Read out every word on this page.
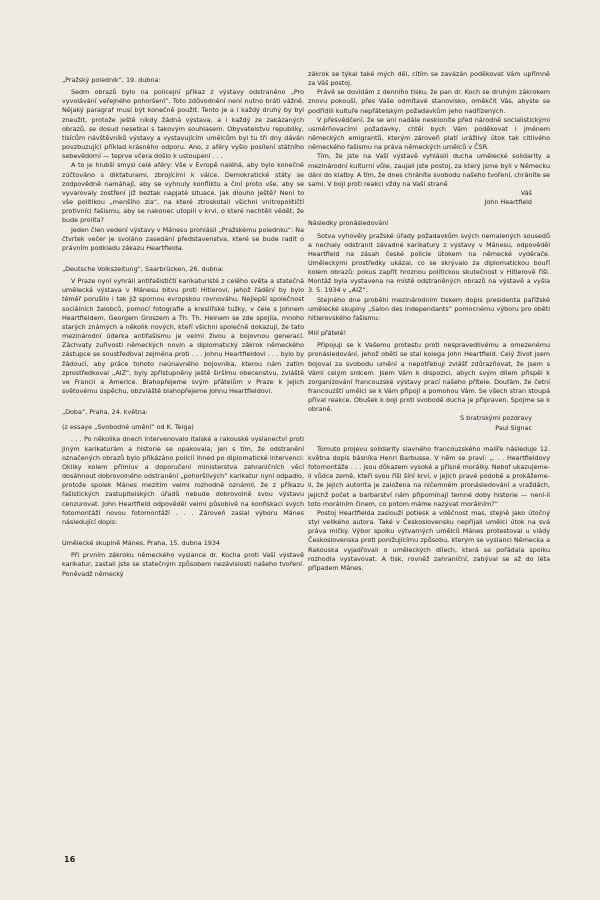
„Pražský polednik“, 19. dubna:

Sedm obrazů bylo na policejní příkaz z výstavy odstraněno „Pro vyvolávání veřejného pohoršení“. Toto zdůvodnění není nutno bráti vážně. Nějaký paragraf musí být konečně použit. Tento je a i každý druhý by byl zneužit, protože ještě nikdy žádná výstava, a i každý ze zakázaných obrazů, se dosud nesetkal s takovým souhlasem. Obyvatelstvu republiky, tisícům návštěvníků výstavy a vystavujícím umělcům byl tu tři dny dáván povzbuzující příklad krásného odporu. Ano, z aféry vyšlo posílení státního sebevědomí — teprve včera došlo k ustoupení . . .

A to je hlubší smysl celé aféry: Vše v Evropě naléhá, aby bylo konečně zúčtováno s diktaturami, zbrojícími k válce. Demokratické státy se zodpovědně namáhají, aby se vyhnuly konfliktu a činí proto vše, aby se vyvarovaly zostření již beztak napjaté situace. Jak dlouho ještě? Není to vše politikou „menšího zla“, na které ztroskotali všichni vnitropolitičtí protivníci fašismu, aby se nakonec utopili v krvi, o které nechtěli vědět, že bude prolita?

Jeden člen vedení výstavy v Mánesu prohlásil „Pražskému polednku“: Na čtvrtek večer je svoláno zasedání představenstva, které se bude radit o právním podkladu zákazu Heartfielda.

„Deutsche Volkszeitung“, Saarbrücken, 26. dubna:

V Praze nyní vyhráli antifašističtí karikaturisté z celého světa a statečná umělecká výstava v Mánesu bitvu proti Hitlerovi, jehož řádění by bylo téměř porušilo i tak již spornou evropskou rovnováhu. Nejlepší společnost sociálních žalobců, pomocí fotografie a kreslířské tužky, v čele s Johnem Heartfieldem, Georgem Groszem a Th. Th. Heinem se zde spojila, mnoho starých známých a několik nových, kteří všichni společně dokazují, že tato mezinárodní úderka antifašismu je velmi živou a bojovnou generací. Záchvaty zuřivosti německých novin a diplomatický zákrok německého zástupce se soustřeďoval zejména proti . . . Johnu Heartfieldovi . . . bylo by žádoucí, aby práce tohoto neúnavného bojovníka, kterou nám zatím zprostředkoval „AIZ“, byly zpřístupněny ještě širšímu obecenstvu, zvláště ve Francii a Americe. Blahopřejeme svým přátelům v Praze k jejich světovému úspěchu, obzvláště blahopřejeme Johnu Heartfieldovi.

„Doba“, Praha, 24. května:

(z essaye „Svobodné umění“ od K. Teiga)

. . . Po několika dnech intervenovalo italské a rakouské vyslanectví proti jiným karikaturám a historie se opakovala; jen s tím, že odstranění označených obrazů bylo příkázáno policií ihned po diplomatické intervenci: Okliky kolem přímluv a doporučení ministerstva zahraničních věcí dosáhnout dobrovolného odstranění „pohoršlivých“ karikatur nyní odpadlo, protože spolek Mánes mezitím velmi rozhodně oznámil, že z příkazu fašistických zastupitelských úřadů nebude dobrovolně svou výstavu cenzurovat. John Heartfield odpověděl velmi působivě na konfiskaci svých fotomontáží novou fotomontáží . . . Zároveň zaslal výboru Mánes následující dopis:

Umělecké skupině Mánes, Praha, 15. dubna 1934

Při prvním zákroku německého vyslance dr. Kocha proti Vaší výstavě karikatur, zastali jste se statečným způsobem nezávislosti našeho tvoření. Poněvadž německý

zákrok se týkal také mých děl, cítím se zavázán poděkovat Vám upřímně za Váš postoj.

Právě se dovídám z denního tisku, že pan dr. Koch se druhým zákrokem znovu pokouší, přes Vaše odmítavé stanovisko, oměkčit Vás, abyste se podřídili kultuře nepřátelským požadavkům jeho nadřízených.

V přesvědčení, že se ani nadále neskloníte před národně socialistickými usměrňovacími požadavky, chtěl bych Vám poděkovat i jménem německých emigrantů, kterým zároveň platí urážlivý útok tak citlivého německého fašismu na práva německých umělců v ČSR.

Tím, že jste na Vaší výstavě vyhlásili ducha umělecké solidarity a mezinárodní kulturní vůle, zaujali jste postoj, za který jsme byli v Německu dáni do klatby. A tím, že dnes chráníte svobodu našeho tvoření, chráníte se sami. V boji proti reakci vždy na Vaší straně

Váš

John Heartfield

Následky pronásledování

Sotva vyhověly pražské úřady požadavkům svých nemalených sousedů a nechaly odstranit závadné karikatury z výstavy v Mánesu, odpověděl Heartfield na zásah české policie útokem na německé vyděrače. Uměleckými prostředky ukázal, co se skrývalo za diplomatickou bouří kolem obrazů: pokus zapřít hroznou politickou skutečnost v Hitlerově říši. Montáž byla vystavena na místě odstraněných obrazů na výstavě a vyšla 3. 5. 1934 v „AIZ“.

Stejného dne proběhl mezinárodním tiskem dopis presidenta pařížské umělecké skupiny „Salon des Independants“ pomocnému výboru pro oběti hitlerovského fašismu:

Milí přátelé!

Připojuji se k Vašemu protestu proti nespravedlivému a omezenému pronásledování, jehož obětí se stal kolega John Heartfield. Celý život jsem bojoval za svobodu umění a nepotřebuji zvlášť zdůrazňovat, že jsem s Vámi celým srdcem. Jsem Vám k dispozici, abych svým dílem přispěl k zorganizování francouzské výstavy prací našeho přítele. Doufám, že četní francouzští umělci se k Vám připojí a pomohou Vám. Se všech stran stoupá příval reakce. Obušek k boji proti svobodě ducha je připraven. Spojme se k obraně.

S bratrskými pozdravy

Paul Signac

Tomuto projevu solidarity slavného francouzského malíře následuje 12. května dopis básníka Henri Barbusse. V něm se praví: „. . . Heartfieldovy fotomontáže . . . jsou důkazem vysoké a přísné morálky. Nebof ukazujeme-li vůdce země, kteří svou říši šíní krví, v jejich pravé podobě a prokážeme-li, že jejich autorita je založena na ničemném pronásledování a vraždách, jejichž počet a barbarství nám připomínají temné doby historie — není-li toto morálním činem, co potom máme nazývat morálním?“

Postoj Heartfielda zaslouží potlesk a vděčnost mas, stejně jako útočný styl velikého autora. Také v Československu nepřijali umělci útok na svá práva mlčky. Výbor spolku výtvarných umělců Mánes protestoval u vlády Československa proti ponižujícímu způsobu, kterým se vyslanci Německa a Rakouska vyjadřovali o uměleckých dílech, která se pořádala spolku rozhodla vystavovat. A tisk, rovněž zahraniční, zabýval se až do léta případem Mánes.

16
